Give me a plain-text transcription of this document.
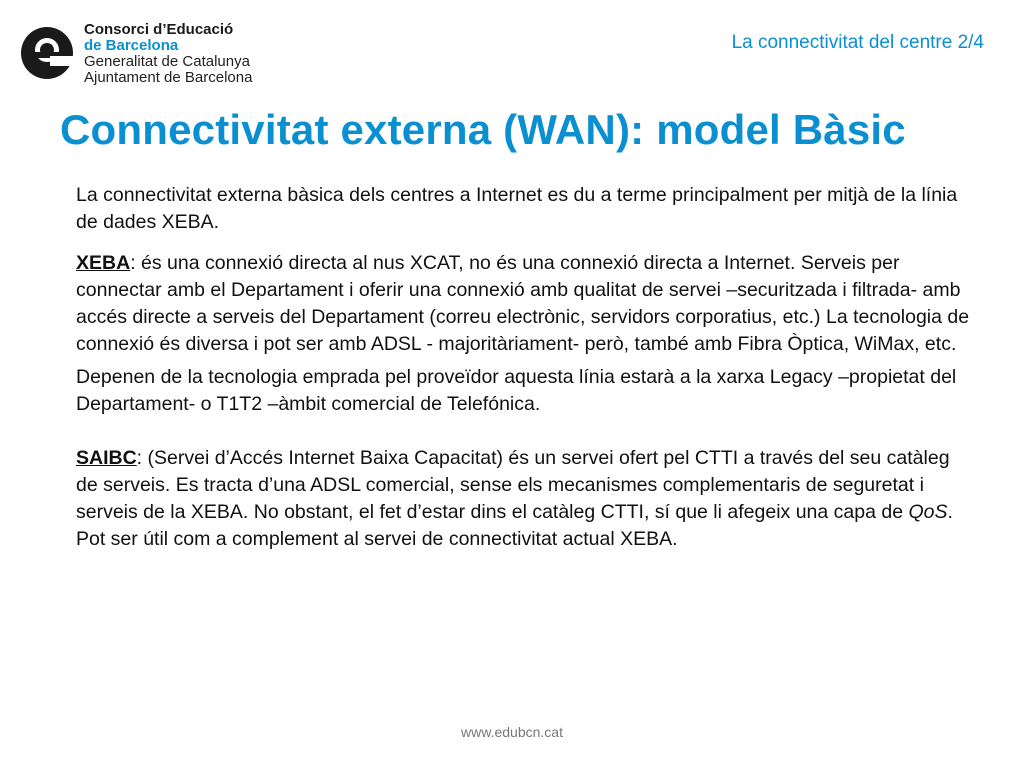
Consorci d’Educació
de Barcelona
Generalitat de Catalunya
Ajuntament de Barcelona
La connectivitat del centre 2/4
Connectivitat externa (WAN): model Bàsic

La connectivitat externa bàsica dels centres a Internet es du a terme principalment per mitjà de la línia de dades XEBA.

XEBA: és una connexió directa al nus XCAT, no és una connexió directa a Internet. Serveis per connectar amb el Departament i oferir una connexió amb qualitat de servei –securitzada i filtrada- amb accés directe a serveis del Departament (correu electrònic, servidors corporatius, etc.) La tecnologia de connexió és diversa i pot ser amb ADSL - majoritàriament- però, també amb Fibra Òptica, WiMax, etc.

Depenen de la tecnologia emprada pel proveïdor aquesta línia estarà a la xarxa Legacy –propietat del Departament- o T1T2 –àmbit comercial de Telefónica.

SAIBC: (Servei d’Accés Internet Baixa Capacitat) és un servei ofert pel CTTI a través del seu catàleg de serveis. Es tracta d’una ADSL comercial, sense els mecanismes complementaris de seguretat i serveis de la XEBA. No obstant, el fet d’estar dins el catàleg CTTI, sí que li afegeix una capa de QoS. Pot ser útil com a complement al servei de connectivitat actual XEBA.

www.edubcn.cat
